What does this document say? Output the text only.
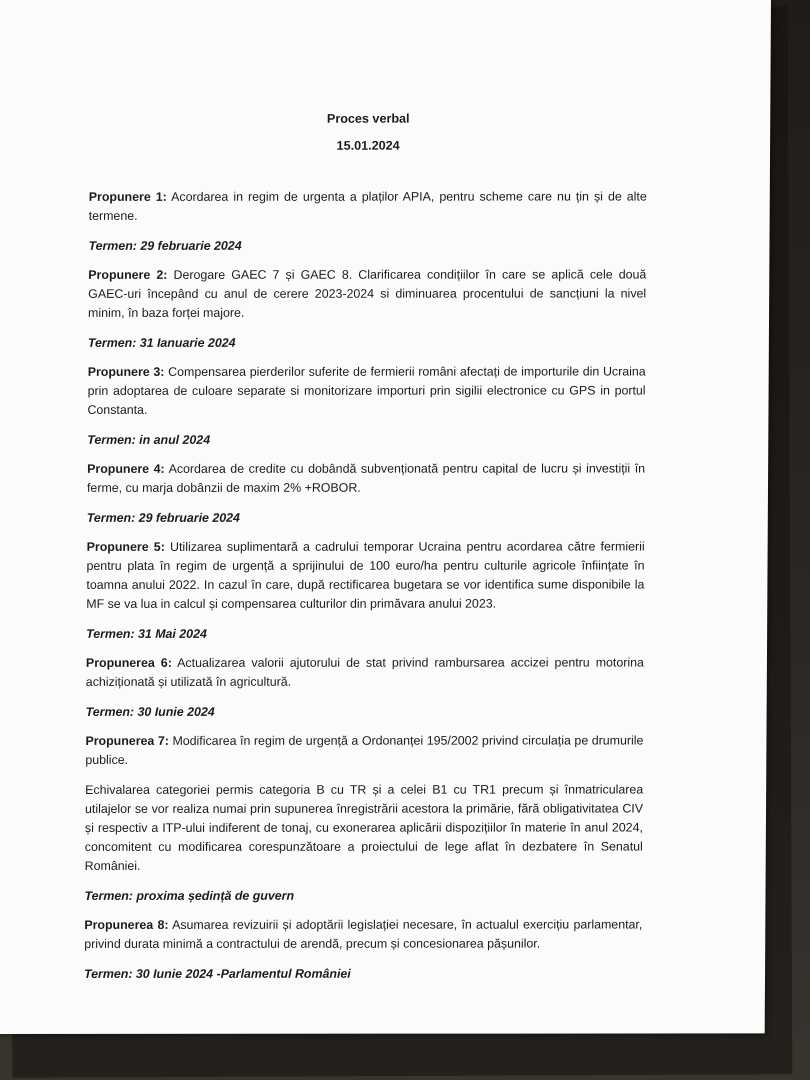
Proces verbal

15.01.2024

Propunere 1: Acordarea in regim de urgenta a plaților APIA, pentru scheme care nu țin și de alte termene.

Termen: 29 februarie 2024

Propunere 2: Derogare GAEC 7 și GAEC 8. Clarificarea condițiilor în care se aplică cele două GAEC-uri începând cu anul de cerere 2023-2024 si diminuarea procentului de sancțiuni la nivel minim, în baza forței majore.

Termen: 31 Ianuarie 2024

Propunere 3: Compensarea pierderilor suferite de fermierii români afectați de importurile din Ucraina prin adoptarea de culoare separate si monitorizare importuri prin sigilii electronice cu GPS in portul Constanta.

Termen: in anul 2024

Propunere 4: Acordarea de credite cu dobândă subvenționată pentru capital de lucru și investiții în ferme, cu marja dobânzii de maxim 2% +ROBOR.

Termen: 29 februarie 2024

Propunere 5: Utilizarea suplimentară a cadrului temporar Ucraina pentru acordarea către fermierii pentru plata în regim de urgență a sprijinului de 100 euro/ha pentru culturile agricole înființate în toamna anului 2022. In cazul în care, după rectificarea bugetara se vor identifica sume disponibile la MF se va lua in calcul și compensarea culturilor din primăvara anului 2023.

Termen: 31 Mai 2024

Propunerea 6: Actualizarea valorii ajutorului de stat privind rambursarea accizei pentru motorina achiziționată și utilizată în agricultură.

Termen: 30 Iunie 2024

Propunerea 7: Modificarea în regim de urgență a Ordonanței 195/2002 privind circulația pe drumurile publice.

Echivalarea categoriei permis categoria B cu TR și a celei B1 cu TR1 precum și înmatricularea utilajelor se vor realiza numai prin supunerea înregistrării acestora la primărie, fără obligativitatea CIV și respectiv a ITP-ului indiferent de tonaj, cu exonerarea aplicării dispozițiilor în materie în anul 2024, concomitent cu modificarea corespunzătoare a proiectului de lege aflat în dezbatere în Senatul României.

Termen: proxima ședință de guvern

Propunerea 8: Asumarea revizuirii și adoptării legislației necesare, în actualul exercițiu parlamentar, privind durata minimă a contractului de arendă, precum și concesionarea pășunilor.

Termen: 30 Iunie 2024 -Parlamentul României
